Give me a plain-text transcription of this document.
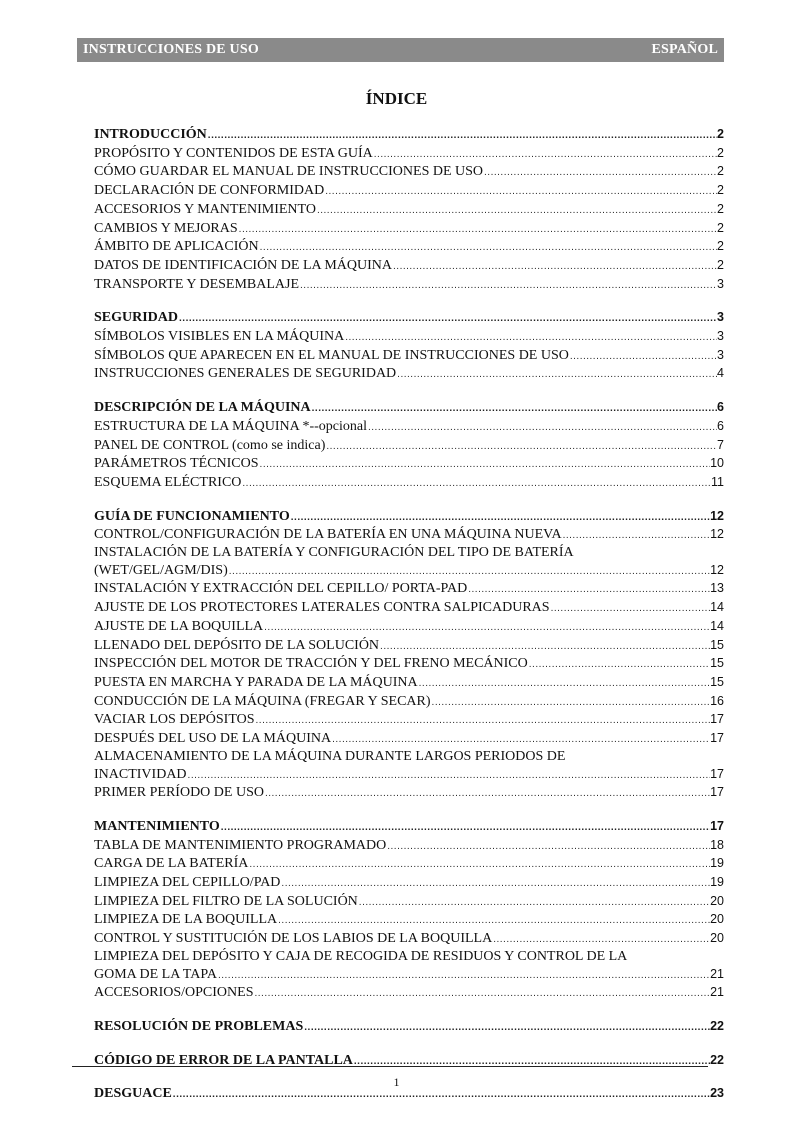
INSTRUCCIONES DE USO	ESPAÑOL
ÍNDICE
INTRODUCCIÓN .....	2
PROPÓSITO Y CONTENIDOS DE ESTA GUÍA .....	2
CÓMO GUARDAR EL MANUAL DE INSTRUCCIONES DE USO .....	2
DECLARACIÓN DE CONFORMIDAD .....	2
ACCESORIOS Y MANTENIMIENTO .....	2
CAMBIOS Y MEJORAS .....	2
ÁMBITO DE APLICACIÓN .....	2
DATOS DE IDENTIFICACIÓN DE LA MÁQUINA .....	2
TRANSPORTE Y DESEMBALAJE .....	3
SEGURIDAD .....	3
SÍMBOLOS VISIBLES EN LA MÁQUINA .....	3
SÍMBOLOS QUE APARECEN EN EL MANUAL DE INSTRUCCIONES DE USO .....	3
INSTRUCCIONES GENERALES DE SEGURIDAD .....	4
DESCRIPCIÓN DE LA MÁQUINA .....	6
ESTRUCTURA DE LA MÁQUINA *--opcional .....	6
PANEL DE CONTROL (como se indica) .....	7
PARÁMETROS TÉCNICOS .....	10
ESQUEMA ELÉCTRICO .....	11
GUÍA DE FUNCIONAMIENTO .....	12
CONTROL/CONFIGURACIÓN DE LA BATERÍA EN UNA MÁQUINA NUEVA .....	12
INSTALACIÓN DE LA BATERÍA Y CONFIGURACIÓN DEL TIPO DE BATERÍA
(WET/GEL/AGM/DIS) .....	12
INSTALACIÓN Y EXTRACCIÓN DEL CEPILLO/ PORTA-PAD .....	13
AJUSTE DE LOS PROTECTORES LATERALES CONTRA SALPICADURAS .....	14
AJUSTE DE LA BOQUILLA .....	14
LLENADO DEL DEPÓSITO DE LA SOLUCIÓN .....	15
INSPECCIÓN DEL MOTOR DE TRACCIÓN Y DEL FRENO MECÁNICO .....	15
PUESTA EN MARCHA Y PARADA DE LA MÁQUINA .....	15
CONDUCCIÓN DE LA MÁQUINA (FREGAR Y SECAR) .....	16
VACIAR LOS DEPÓSITOS .....	17
DESPUÉS DEL USO DE LA MÁQUINA .....	17
ALMACENAMIENTO DE LA MÁQUINA DURANTE LARGOS PERIODOS DE
INACTIVIDAD .....	17
PRIMER PERÍODO DE USO .....	17
MANTENIMIENTO .....	17
TABLA DE MANTENIMIENTO PROGRAMADO .....	18
CARGA DE LA BATERÍA .....	19
LIMPIEZA DEL CEPILLO/PAD .....	19
LIMPIEZA DEL FILTRO DE LA SOLUCIÓN .....	20
LIMPIEZA DE LA BOQUILLA .....	20
CONTROL Y SUSTITUCIÓN DE LOS LABIOS DE LA BOQUILLA .....	20
LIMPIEZA DEL DEPÓSITO Y CAJA DE RECOGIDA DE RESIDUOS Y CONTROL DE LA
GOMA DE LA TAPA .....	21
ACCESORIOS/OPCIONES .....	21
RESOLUCIÓN DE PROBLEMAS .....	22
CÓDIGO DE ERROR DE LA PANTALLA .....	22
DESGUACE .....	23
1
